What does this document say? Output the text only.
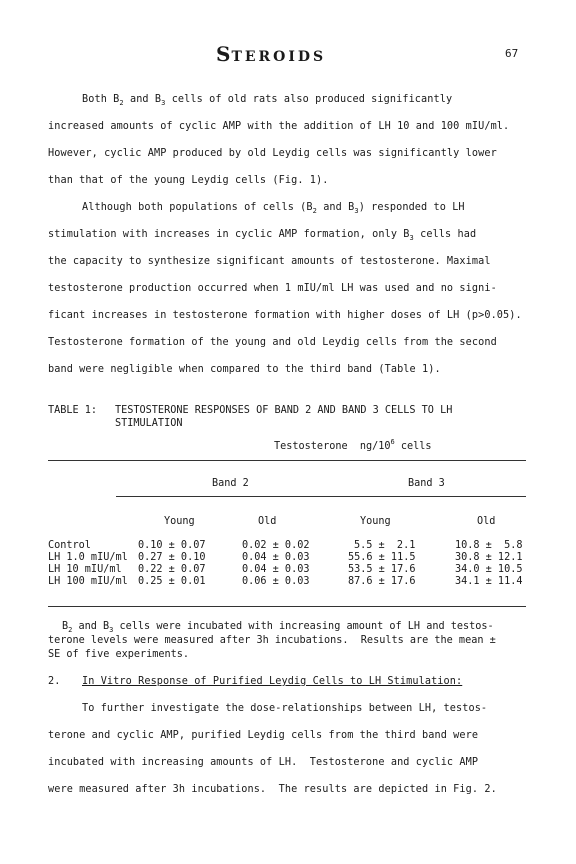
STEROIDS	67
Both $B_2$ and $B_3$ cells of old rats also produced significantly
increased amounts of cyclic AMP with the addition of LH 10 and 100 mIU/ml.
However, cyclic AMP produced by old Leydig cells was significantly lower
than that of the young Leydig cells (Fig. 1).
Although both populations of cells ($B_2$ and $B_3$) responded to LH
stimulation with increases in cyclic AMP formation, only $B_3$ cells had
the capacity to synthesize significant amounts of testosterone. Maximal
testosterone production occurred when 1 mIU/ml LH was used and no signi-
ficant increases in testosterone formation with higher doses of LH (p>0.05).
Testosterone formation of the young and old Leydig cells from the second
band were negligible when compared to the third band (Table 1).
TABLE 1: TESTOSTERONE RESPONSES OF BAND 2 AND BAND 3 CELLS TO LH
STIMULATION
Testosterone  $ng/10^6$ cells
Band 2	Band 3
Young	Old	Young	Old
Control	0.10 ± 0.07	0.02 ± 0.02	5.5 ±  2.1	10.8 ±  5.8
LH 1.0 mIU/ml 0.27 ± 0.10	0.04 ± 0.03	55.6 ± 11.5	30.8 ± 12.1
LH 10 mIU/ml 0.22 ± 0.07	0.04 ± 0.03	53.5 ± 17.6	34.0 ± 10.5
LH 100 mIU/ml 0.25 ± 0.01	0.06 ± 0.03	87.6 ± 17.6	34.1 ± 11.4
$B_2$ and $B_3$ cells were incubated with increasing amount of LH and testos-
terone levels were measured after 3h incubations.  Results are the mean ±
SE of five experiments.
2. In Vitro Response of Purified Leydig Cells to LH Stimulation:
To further investigate the dose-relationships between LH, testos-
terone and cyclic AMP, purified Leydig cells from the third band were
incubated with increasing amounts of LH.  Testosterone and cyclic AMP
were measured after 3h incubations.  The results are depicted in Fig. 2.
